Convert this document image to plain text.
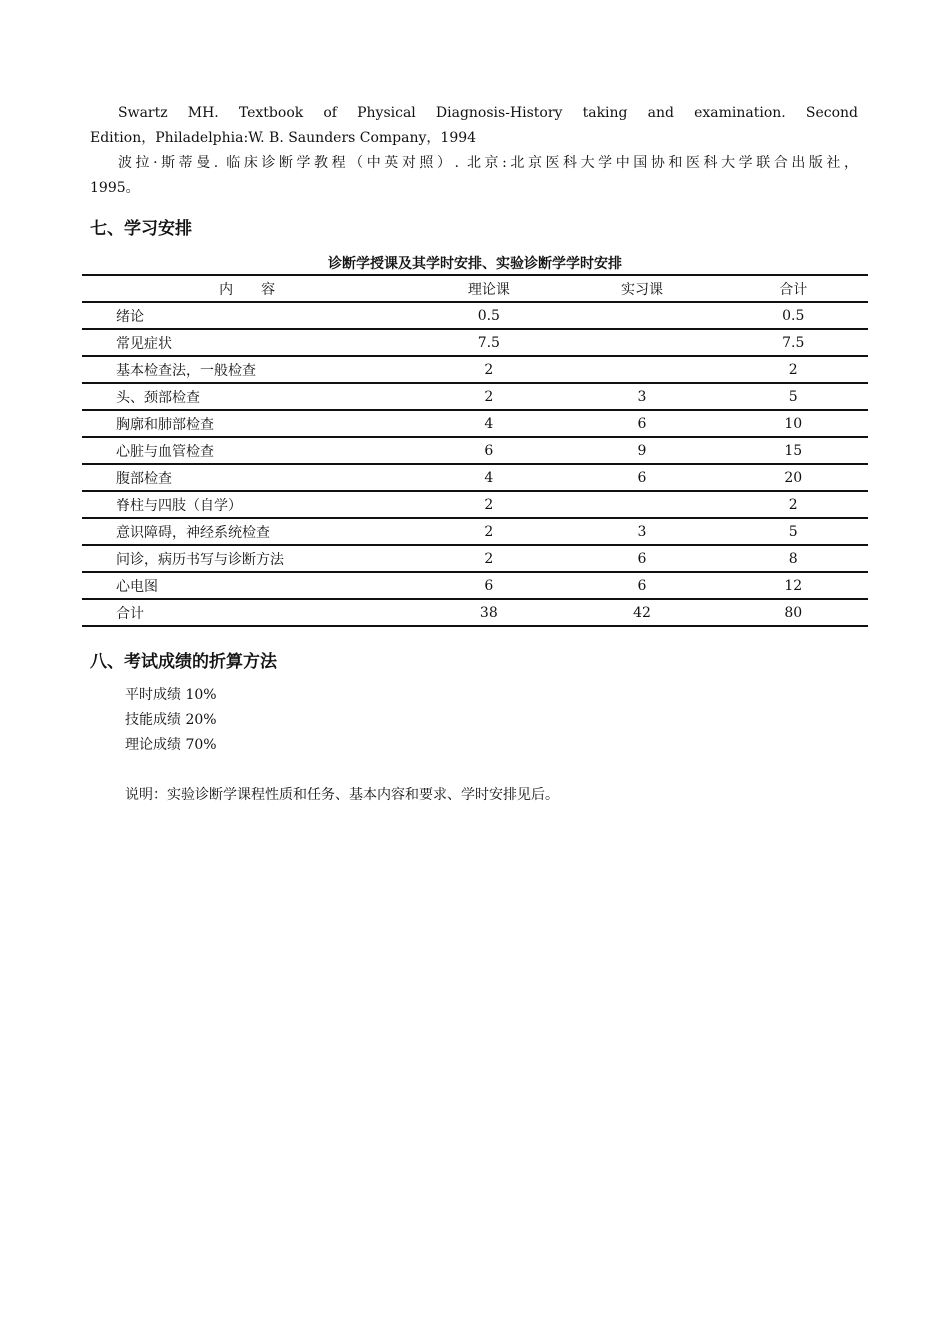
Swartz MH. Textbook of Physical Diagnosis-History taking and examination. Second

Edition，Philadelphia:W. B. Saunders Company，1994

波拉·斯蒂曼. 临床诊断学教程（中英对照）. 北京:北京医科大学中国协和医科大学联合出版社，

1995。

七、学习安排
诊断学授课及其学时安排、实验诊断学学时安排
内　　容	理论课	实习课	合计
绪论	0.5		0.5
常见症状	7.5		7.5
基本检查法，一般检查	2		2
头、颈部检查	2	3	5
胸廓和肺部检查	4	6	10
心脏与血管检查	6	9	15
腹部检查	4	6	20
脊柱与四肢（自学）	2		2
意识障碍，神经系统检查	2	3	5
问诊，病历书写与诊断方法	2	6	8
心电图	6	6	12
合计	38	42	80
八、考试成绩的折算方法
平时成绩 10%
技能成绩 20%
理论成绩 70%
说明：实验诊断学课程性质和任务、基本内容和要求、学时安排见后。
